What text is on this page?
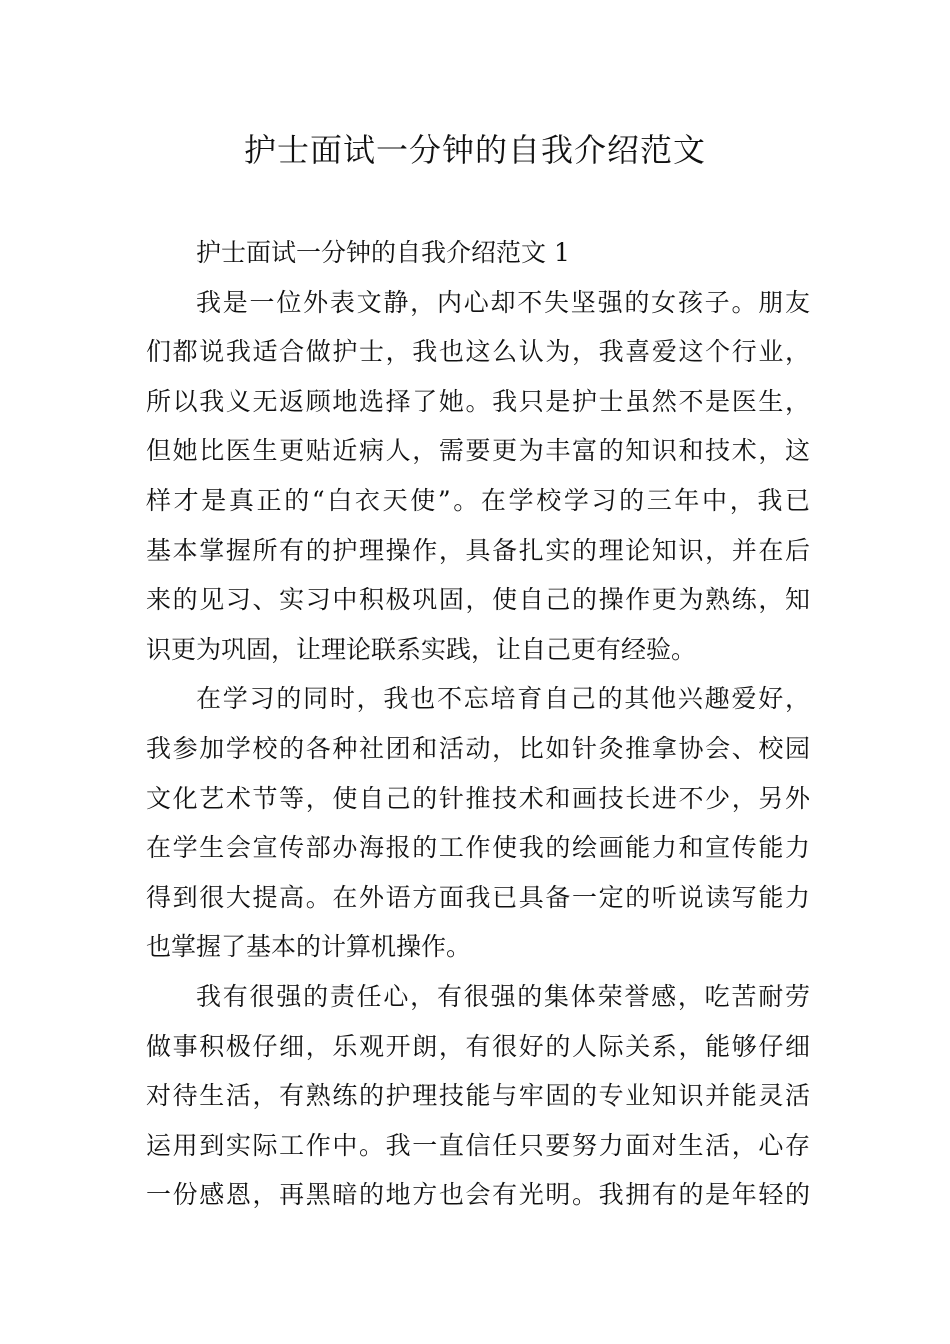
护士面试一分钟的自我介绍范文
护士面试一分钟的自我介绍范文 1
我是一位外表文静，内心却不失坚强的女孩子。朋友
们都说我适合做护士，我也这么认为，我喜爱这个行业，
所以我义无返顾地选择了她。我只是护士虽然不是医生，
但她比医生更贴近病人，需要更为丰富的知识和技术，这
样才是真正的“白衣天使”。在学校学习的三年中，我已
基本掌握所有的护理操作，具备扎实的理论知识，并在后
来的见习、实习中积极巩固，使自己的操作更为熟练，知
识更为巩固，让理论联系实践，让自己更有经验。
在学习的同时，我也不忘培育自己的其他兴趣爱好，
我参加学校的各种社团和活动，比如针灸推拿协会、校园
文化艺术节等，使自己的针推技术和画技长进不少，另外
在学生会宣传部办海报的工作使我的绘画能力和宣传能力
得到很大提高。在外语方面我已具备一定的听说读写能力
也掌握了基本的计算机操作。
我有很强的责任心，有很强的集体荣誉感，吃苦耐劳
做事积极仔细，乐观开朗，有很好的人际关系，能够仔细
对待生活，有熟练的护理技能与牢固的专业知识并能灵活
运用到实际工作中。我一直信任只要努力面对生活，心存
一份感恩，再黑暗的地方也会有光明。我拥有的是年轻的
